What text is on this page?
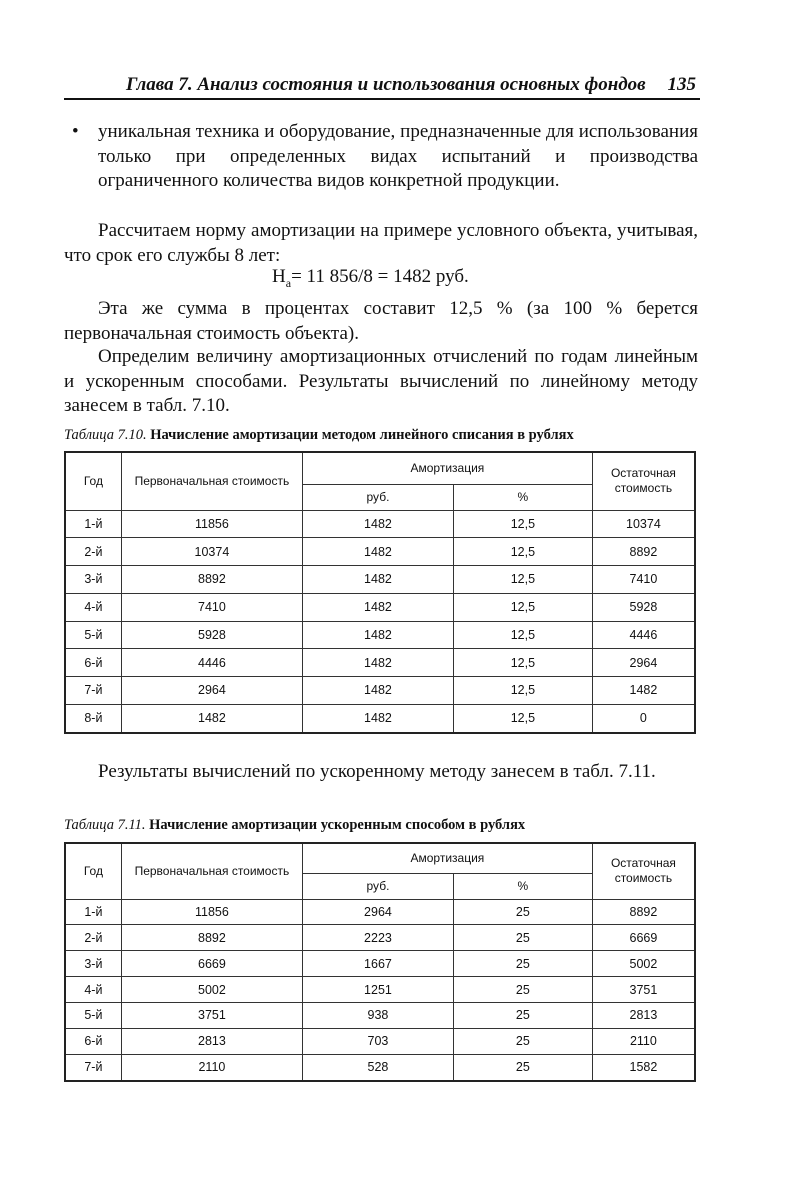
Глава 7. Анализ состояния и использования основных фондов 135
• уникальная техника и оборудование, предназначенные для использования только при определенных видах испытаний и производства ограниченного количества видов конкретной продукции.
Рассчитаем норму амортизации на примере условного объекта, учитывая, что срок его службы 8 лет:
$Н_а= 11$ 856/8 = 1482 руб.
Эта же сумма в процентах составит 12,5 % (за 100 % берется первоначальная стоимость объекта).
Определим величину амортизационных отчислений по годам линейным и ускоренным способами. Результаты вычислений по линейному методу занесем в табл. 7.10.
Таблица 7.10. Начисление амортизации методом линейного списания в рублях
Год	Первоначальная стоимость	Амортизация		Остаточная стоимость
		руб.	%	
1-й	11856	1482	12,5	10374
2-й	10374	1482	12,5	8892
3-й	8892	1482	12,5	7410
4-й	7410	1482	12,5	5928
5-й	5928	1482	12,5	4446
6-й	4446	1482	12,5	2964
7-й	2964	1482	12,5	1482
8-й	1482	1482	12,5	0
Результаты вычислений по ускоренному методу занесем в табл. 7.11.
Таблица 7.11. Начисление амортизации ускоренным способом в рублях
Год	Первоначальная стоимость	Амортизация		Остаточная стоимость
		руб.	%	
1-й	11856	2964	25	8892
2-й	8892	2223	25	6669
3-й	6669	1667	25	5002
4-й	5002	1251	25	3751
5-й	3751	938	25	2813
6-й	2813	703	25	2110
7-й	2110	528	25	1582
